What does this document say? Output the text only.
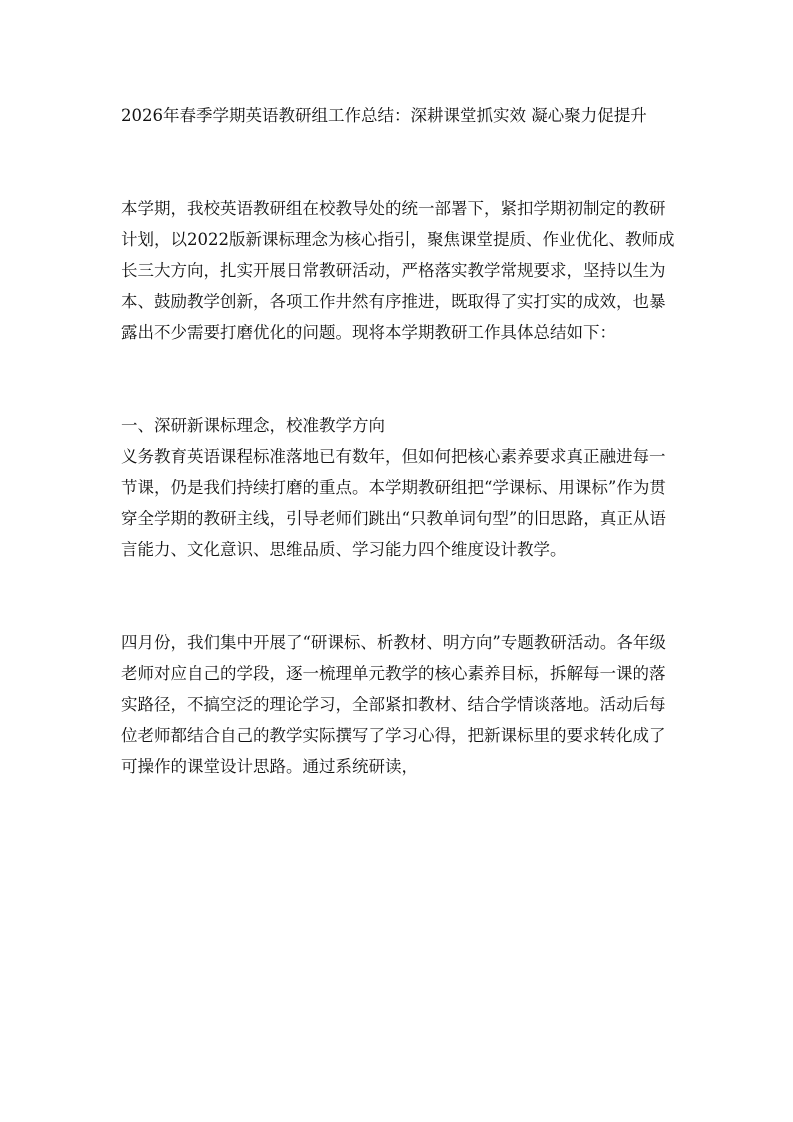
2026年春季学期英语教研组工作总结：深耕课堂抓实效 凝心聚力促提升

本学期，我校英语教研组在校教导处的统一部署下，紧扣学期初制定的教研计划，以2022版新课标理念为核心指引，聚焦课堂提质、作业优化、教师成长三大方向，扎实开展日常教研活动，严格落实教学常规要求，坚持以生为本、鼓励教学创新，各项工作井然有序推进，既取得了实打实的成效，也暴露出不少需要打磨优化的问题。现将本学期教研工作具体总结如下：

一、深研新课标理念，校准教学方向

义务教育英语课程标准落地已有数年，但如何把核心素养要求真正融进每一节课，仍是我们持续打磨的重点。本学期教研组把“学课标、用课标”作为贯穿全学期的教研主线，引导老师们跳出“只教单词句型”的旧思路，真正从语言能力、文化意识、思维品质、学习能力四个维度设计教学。

四月份，我们集中开展了“研课标、析教材、明方向”专题教研活动。各年级老师对应自己的学段，逐一梳理单元教学的核心素养目标，拆解每一课的落实路径，不搞空泛的理论学习，全部紧扣教材、结合学情谈落地。活动后每位老师都结合自己的教学实际撰写了学习心得，把新课标里的要求转化成了可操作的课堂设计思路。通过系统研读，
